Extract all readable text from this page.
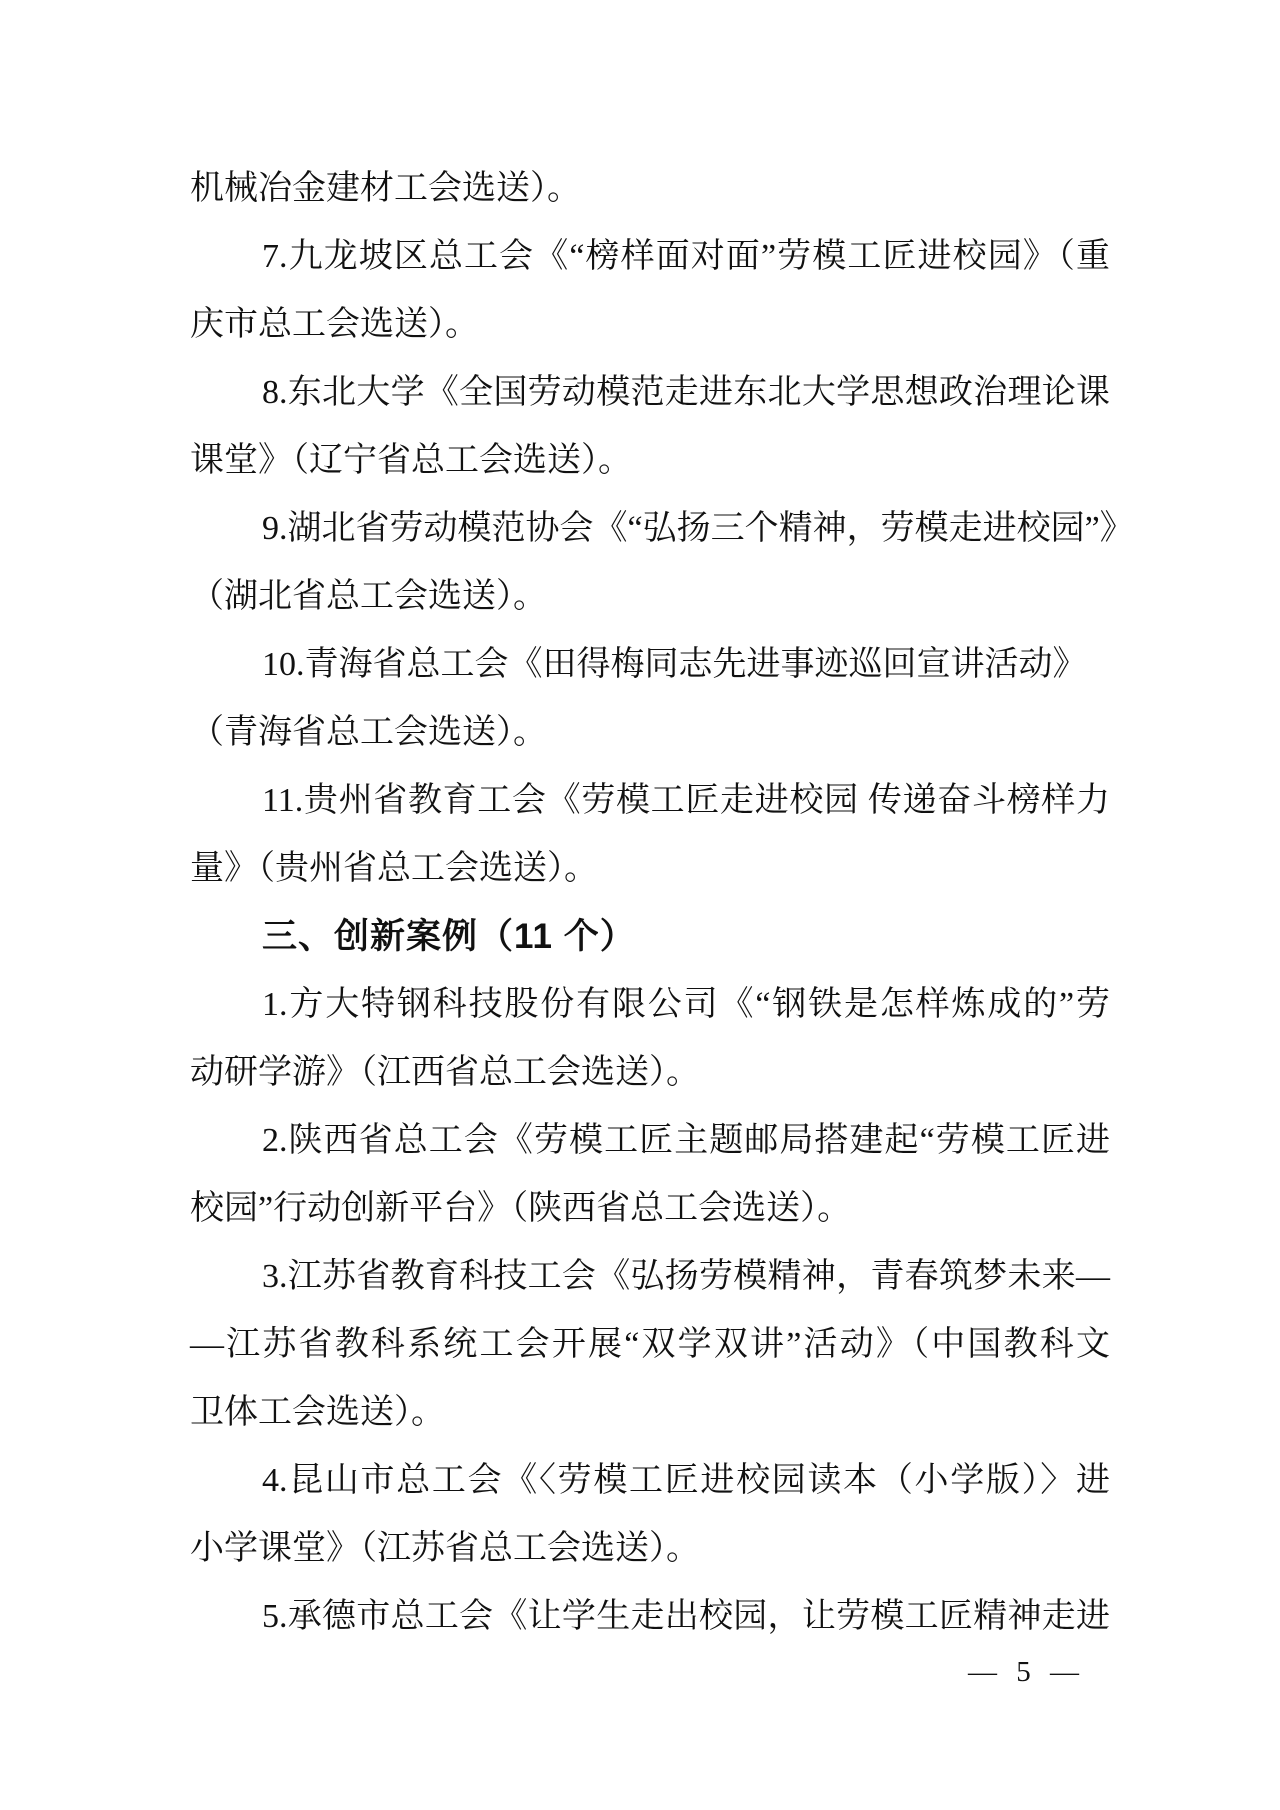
机械冶金建材工会选送）。
7.九龙坡区总工会《“榜样面对面”劳模工匠进校园》（重
庆市总工会选送）。
8.东北大学《全国劳动模范走进东北大学思想政治理论课
课堂》（辽宁省总工会选送）。
9.湖北省劳动模范协会《“弘扬三个精神，劳模走进校园”》
（湖北省总工会选送）。
10.青海省总工会《田得梅同志先进事迹巡回宣讲活动》
（青海省总工会选送）。
11.贵州省教育工会《劳模工匠走进校园 传递奋斗榜样力
量》（贵州省总工会选送）。
三、创新案例（11 个）
1.方大特钢科技股份有限公司《“钢铁是怎样炼成的”劳
动研学游》（江西省总工会选送）。
2.陕西省总工会《劳模工匠主题邮局搭建起“劳模工匠进
校园”行动创新平台》（陕西省总工会选送）。
3.江苏省教育科技工会《弘扬劳模精神，青春筑梦未来—
—江苏省教科系统工会开展“双学双讲”活动》（中国教科文
卫体工会选送）。
4.昆山市总工会《〈劳模工匠进校园读本（小学版）〉进
小学课堂》（江苏省总工会选送）。
5.承德市总工会《让学生走出校园，让劳模工匠精神走进
— 5 —
